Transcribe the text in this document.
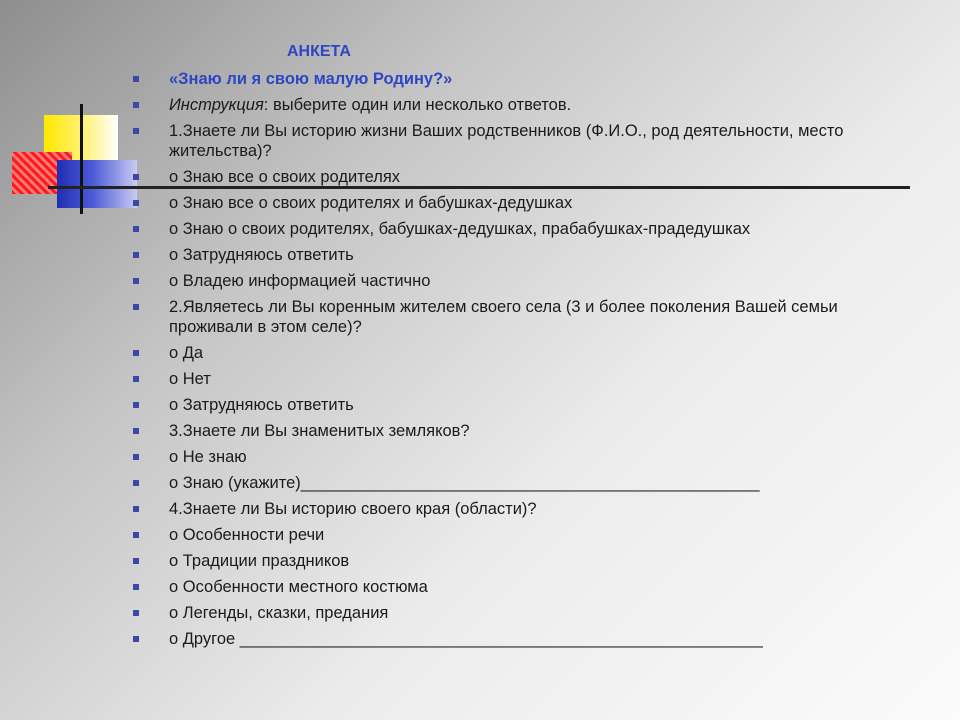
АНКЕТА
«Знаю ли я свою малую Родину?»
Инструкция: выберите один или несколько ответов.
1.Знаете ли Вы историю жизни Ваших родственников (Ф.И.О., род деятельности, место жительства)?
о Знаю все о своих родителях
о Знаю все о своих родителях и бабушках-дедушках
о Знаю о своих родителях, бабушках-дедушках, прабабушках-прадедушках
о Затрудняюсь ответить
о Владею информацией частично
2.Являетесь ли Вы коренным жителем своего села (3 и более поколения Вашей семьи проживали в этом селе)?
о Да
о Нет
о Затрудняюсь ответить
3.Знаете ли Вы знаменитых земляков?
о Не знаю
о Знаю (укажите)__________________________________________________
4.Знаете ли Вы историю своего края (области)?
о Особенности речи
о Традиции праздников
о Особенности местного костюма
о Легенды, сказки, предания
о Другое _________________________________________________________
